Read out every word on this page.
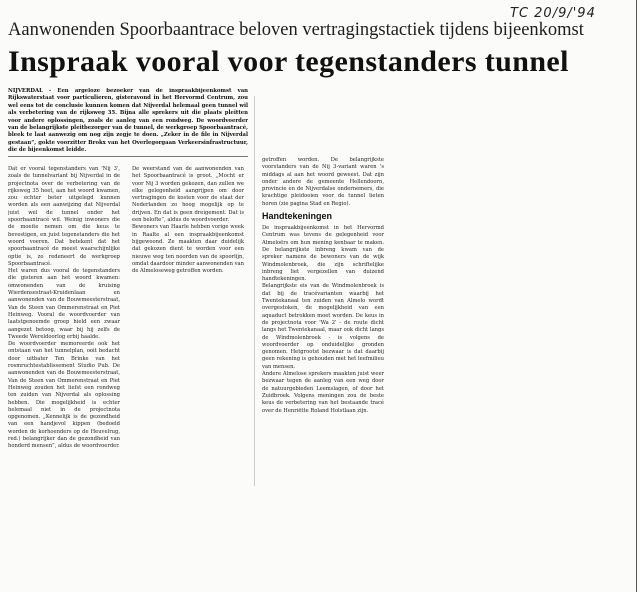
TC 20/9/'94
Aanwonenden Spoorbaantrace beloven vertragingstactiek tijdens bijeenkomst
Inspraak vooral voor tegenstanders tunnel
NIJVERDAL - Een argeloze bezoeker van de inspraakbijeenkomst van Rijkswaterstaat voor particulieren, gisteravond in het Hervormd Centrum, zou wel eens tot de conclusie kunnen komen dat Nijverdal helemaal geen tunnel wil als verbetering van de rijksweg 35. Bijna alle sprekers uit die plaats pleitten voor andere oplossingen, zoals de aanleg van een rondweg. De woordvoerder van de belangrijkste pleitbezorger van de tunnel, de werkgroep Spoorbaantracé, bleek te laat aanwezig om nog zijn zegje te doen. „Zeker in de file in Nijverdal gestaan”, gokte voorzitter Brokx van het Overlegorgaan Verkeersinfrastructuur, die de bijeenkomst leidde.

Dat er vooral tegenstanders van 'Nij 3', zoals de tunnelvariant bij Nijverdal in de projectnota over de verbetering van de rijksweg 35 heet, aan het woord kwamen, zou echter beter uitgelegd kunnen worden als een aanwijzing dat Nijverdal juist wel de tunnel onder het spoorbaantracé wil. Weinig inwoners die de moeite nemen om die keus te bevestigen, en juist tegenstanders die het woord voeren. Dat betekent dat het spoorbaantracé de meest waarschijnlijke optie is, zo redeneert de werkgroep Spoorbaantracé.

Het waren dus vooral de tegenstanders die gisteren aan het woord kwamen: omwonenden van de kruising Wierdensestraat-Kruidenlaan en aanwonenden van de Bouwmeesterstraat, Van de Steen van Ommerenstraat en Piet Heinweg. Vooral de woordvoerder van laatstgenoemde groep hield een zwaar aangezet betoog, waar bij hij zelfs de Tweede Wereldoorlog erbij haalde.

De woordvoerder memoreerde ook het ontstaan van het tunnelplan, ooit bedacht door uitbater Ten Brinke van het rosmruchtestablissement Studio Pub. De aanwonenden van de Bouwmeesterstraat, Van de Steen van Ommerenstraat en Piet Heinweg zouden het liefst een rondweg ten zuiden van Nijverdal als oplossing hebben. Die mogelijkheid is echter helemaal niet in de projectnota opgenomen. „Kennelijk is de gezondheid van een handjevol kippen (bedoeld worden de korhoenders op de Heuvelrug, red.) belangrijker dan de gezondheid van honderd mensen”, aldus de woordvoerder.

De weerstand van de aanwonenden van het Spoorbaantracé is groot. „Mocht er voor Nij 3 worden gekozen, dan zullen we elke gelegenheid aangrijpen om door vertragingen de kosten voor de staat der Nederlanden zo hoog mogelijk op te drijven. En dat is geen dreigement. Dat is een belofte”, aldus de woordvoerder.

Bewoners van Haarle hebben vorige week in Raalte al een inspraakbijeenkomst bijgewoond. Ze maakten daar duidelijk dat gekozen dient te worden voor een nieuwe weg ten noorden van de spoorlijn, omdat daardoor minder aanwonenden van de Almeloseweg getroffen worden.

getroffen worden. De belangrijkste voorstanders van de Nij 3-variant waren 's middags al aan het woord geweest. Dat zijn onder andere de gemeente Hellendoorn, provincie en de Nijverdalse ondernemers, die krachtige pleidooien voor de tunnel lieten horen (zie pagina Stad en Regio).

Handtekeningen

De inspraakbijeenkomst in het Hervormd Centrum was tevens de gelegenheid voor Almeloërs om hun mening kenbaar te maken. De belangrijkste inbreng kwam van de spreker namens de bewoners van de wijk Windmolenbroek, die zijn schriftelijke inbreng liet vergezellen van duizend handtekeningen.

Belangrijkste eis van de Windmolenbroek is dat bij de tracévarianten waarbij het Twentekanaal ten zuiden van Almelo wordt overgestoken, de mogelijkheid van een aquaduct betrokken moet worden. De keus in de projectnota voor 'Wa 2' - de route dicht langs het Twentekanaal, maar ook dicht langs de Windmolenbroek - is volgens de woordvoerder op onduidelijke gronden genomen. Hetgrootst bezwaar is dat daarbij geen rekening is gehouden met het leefmilieu van mensen.

Andere Almelose sprekers maakten juist weer bezwaar tegen de aanleg van een weg door de natuurgebieden Leemslagen, of door het Zuidbroek. Volgens meningen zou de beste keus de verbetering van het bestaande tracé over de Henriëtte Roland Holstlaan zijn.
